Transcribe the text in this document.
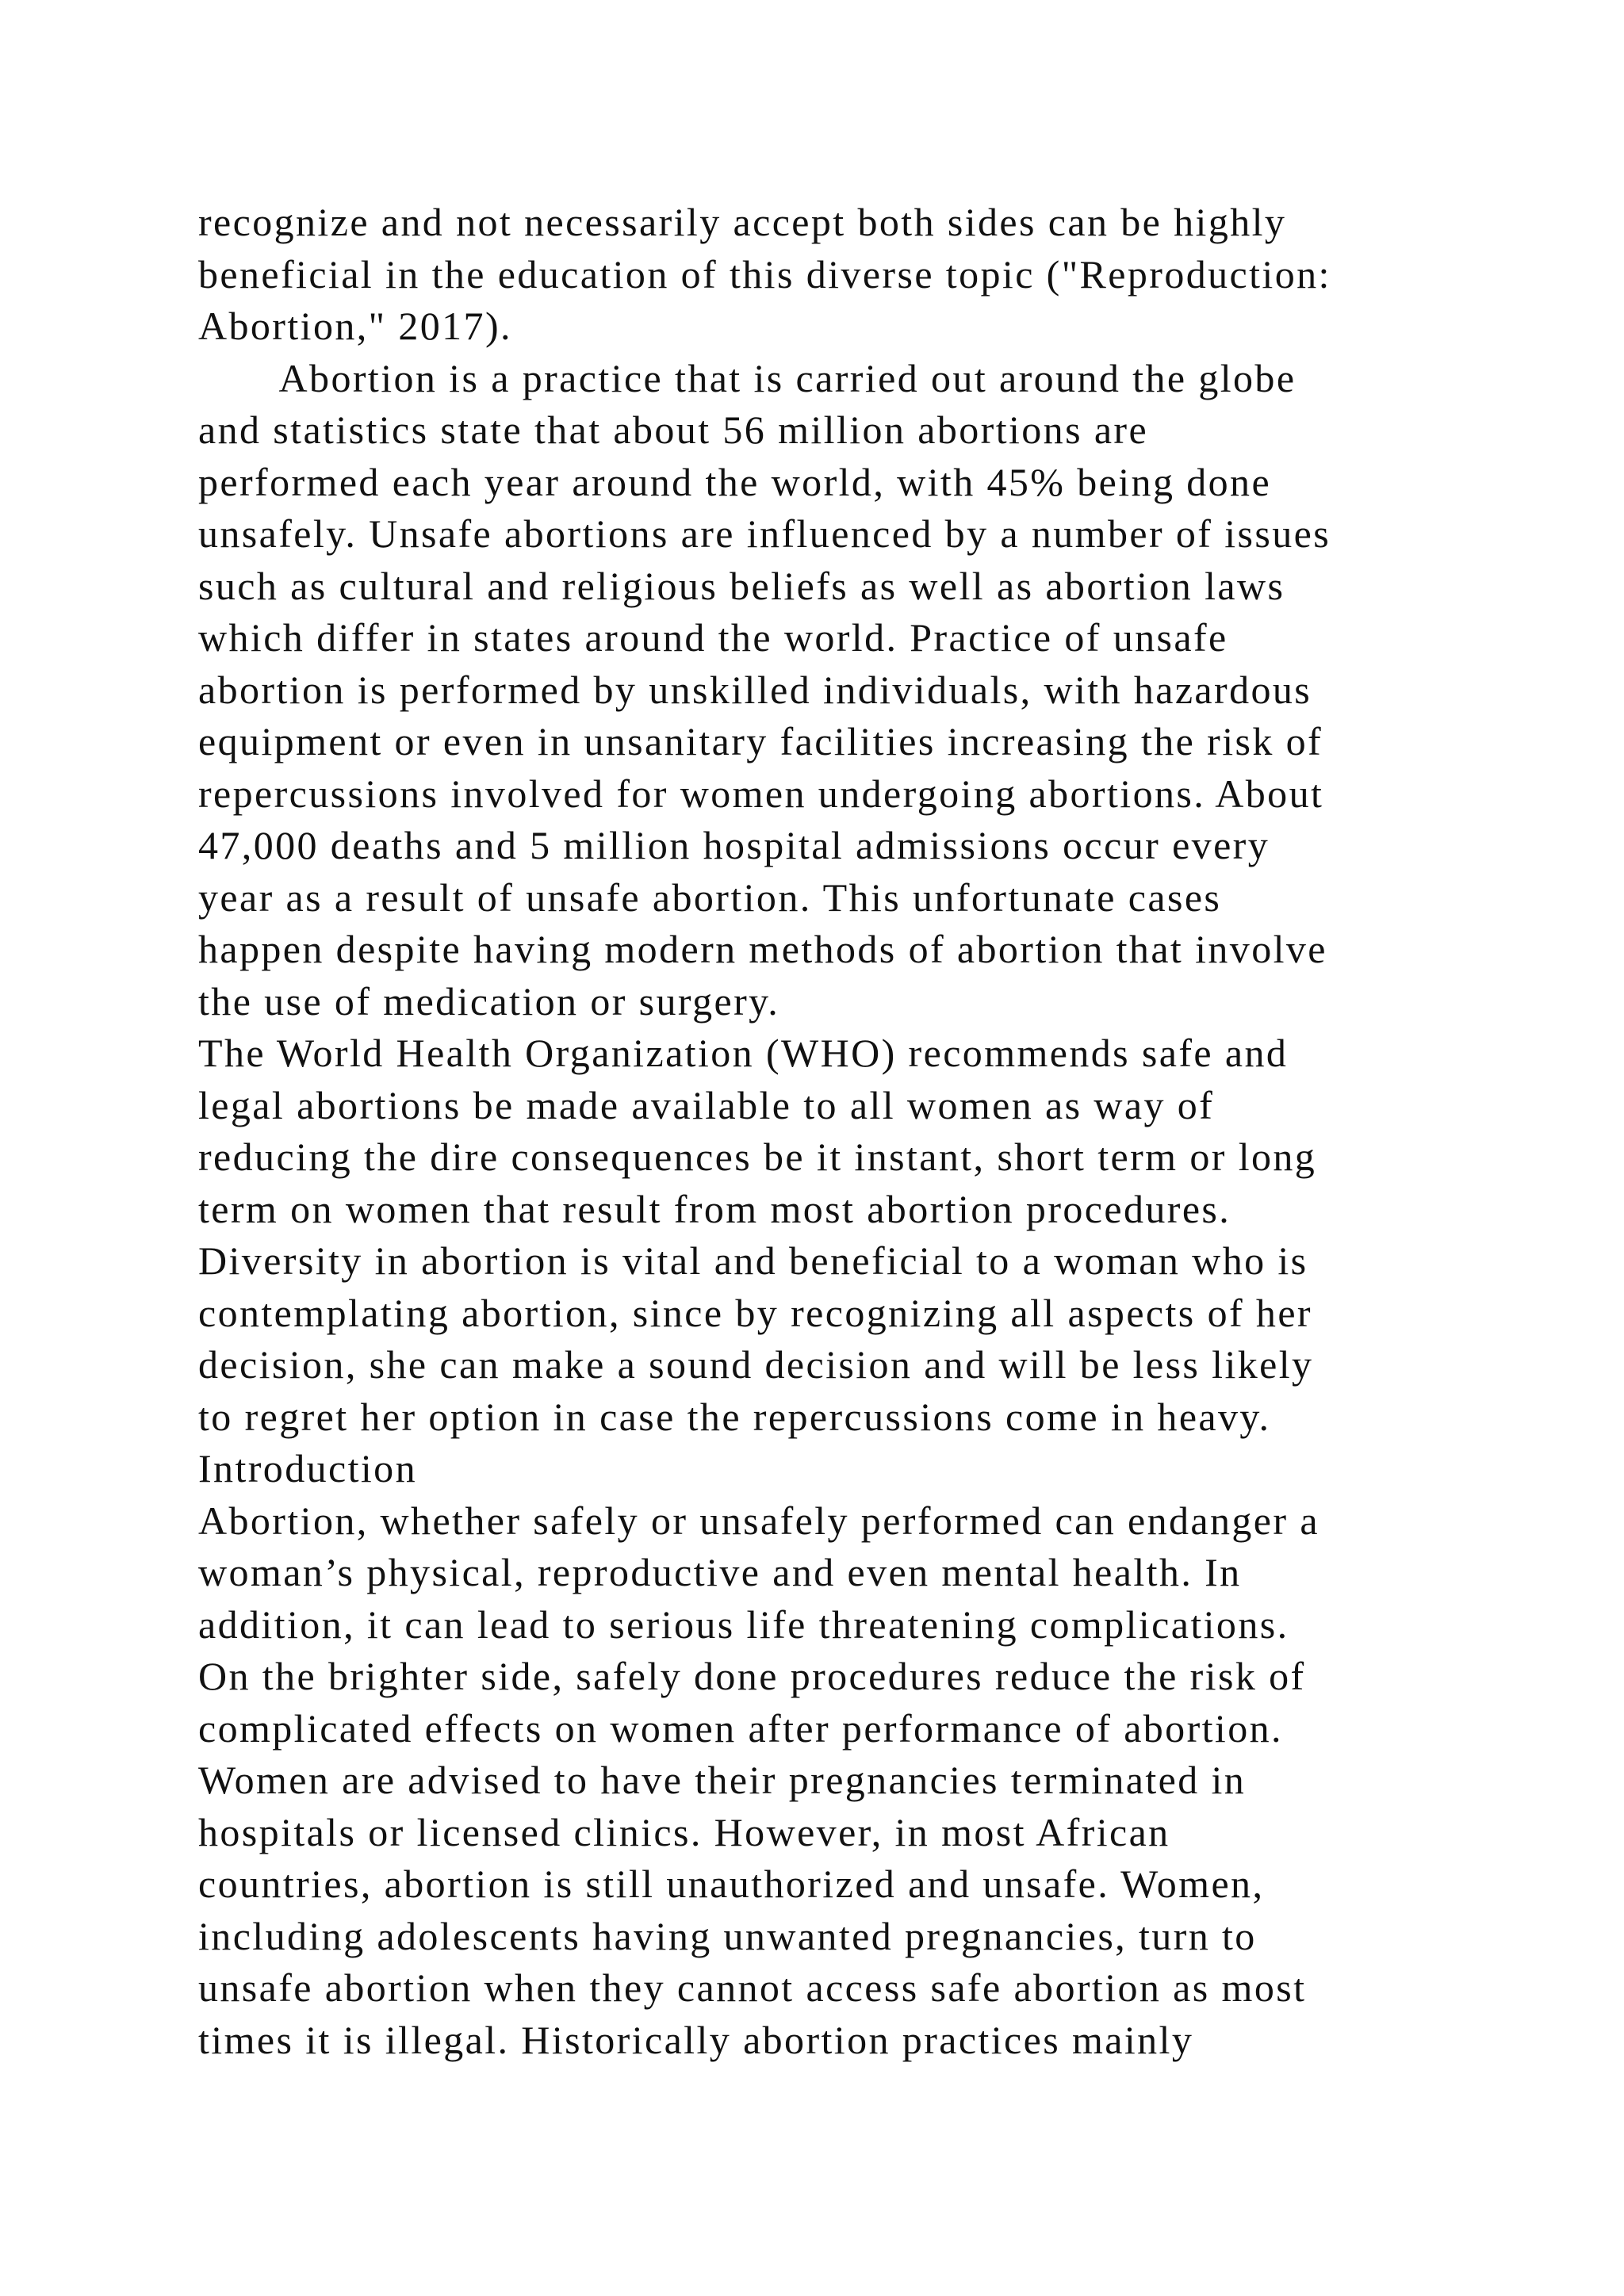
recognize and not necessarily accept both sides can be highly
beneficial in the education of this diverse topic ("Reproduction:
Abortion," 2017).
Abortion is a practice that is carried out around the globe
and statistics state that about 56 million abortions are
performed each year around the world, with 45% being done
unsafely. Unsafe abortions are influenced by a number of issues
such as cultural and religious beliefs as well as abortion laws
which differ in states around the world. Practice of unsafe
abortion is performed by unskilled individuals, with hazardous
equipment or even in unsanitary facilities increasing the risk of
repercussions involved for women undergoing abortions. About
47,000 deaths and 5 million hospital admissions occur every
year as a result of unsafe abortion. This unfortunate cases
happen despite having modern methods of abortion that involve
the use of medication or surgery.
The World Health Organization (WHO) recommends safe and
legal abortions be made available to all women as way of
reducing the dire consequences be it instant, short term or long
term on women that result from most abortion procedures.
Diversity in abortion is vital and beneficial to a woman who is
contemplating abortion, since by recognizing all aspects of her
decision, she can make a sound decision and will be less likely
to regret her option in case the repercussions come in heavy.
Introduction
Abortion, whether safely or unsafely performed can endanger a
woman’s physical, reproductive and even mental health. In
addition, it can lead to serious life threatening complications.
On the brighter side, safely done procedures reduce the risk of
complicated effects on women after performance of abortion.
Women are advised to have their pregnancies terminated in
hospitals or licensed clinics. However, in most African
countries, abortion is still unauthorized and unsafe. Women,
including adolescents having unwanted pregnancies, turn to
unsafe abortion when they cannot access safe abortion as most
times it is illegal. Historically abortion practices mainly
